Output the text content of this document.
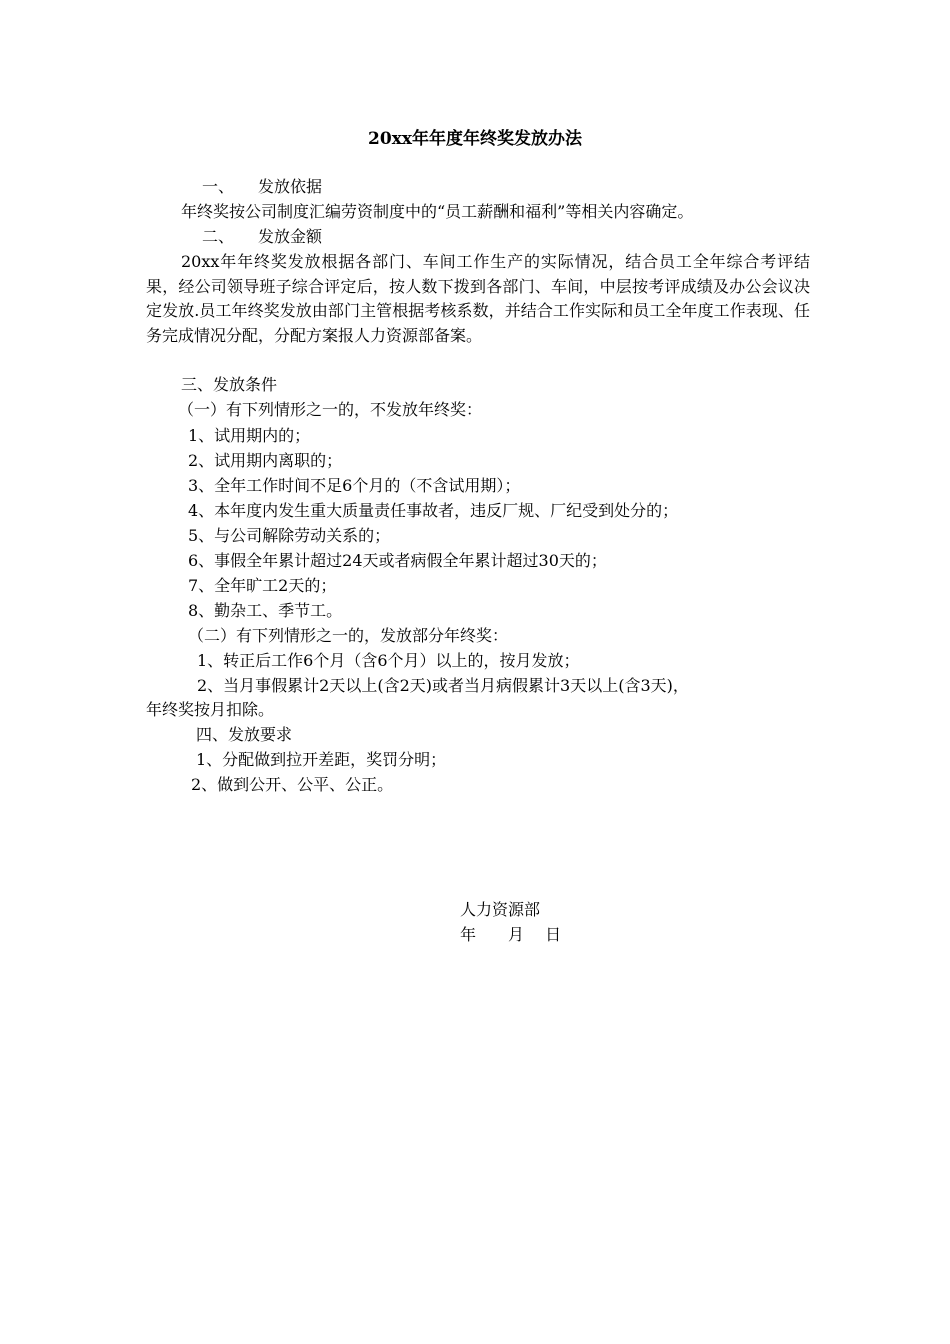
20xx年年度年终奖发放办法
一、 发放依据
年终奖按公司制度汇编劳资制度中的“员工薪酬和福利”等相关内容确定。
二、 发放金额
20xx年年终奖发放根据各部门、车间工作生产的实际情况，结合员工全年综合考评结果，经公司领导班子综合评定后，按人数下拨到各部门、车间，中层按考评成绩及办公会议决定发放.员工年终奖发放由部门主管根据考核系数，并结合工作实际和员工全年度工作表现、任务完成情况分配，分配方案报人力资源部备案。
三、发放条件
（一）有下列情形之一的，不发放年终奖：
1、试用期内的；
2、试用期内离职的；
3、全年工作时间不足6个月的（不含试用期）；
4、本年度内发生重大质量责任事故者，违反厂规、厂纪受到处分的；
5、与公司解除劳动关系的；
6、事假全年累计超过24天或者病假全年累计超过30天的；
7、全年旷工2天的；
8、勤杂工、季节工。
（二）有下列情形之一的，发放部分年终奖：
1、转正后工作6个月（含6个月）以上的，按月发放；
2、当月事假累计2天以上(含2天)或者当月病假累计3天以上(含3天)，
年终奖按月扣除。
四、发放要求
1、分配做到拉开差距，奖罚分明；
2、做到公开、公平、公正。
人力资源部
年　　月　 日
